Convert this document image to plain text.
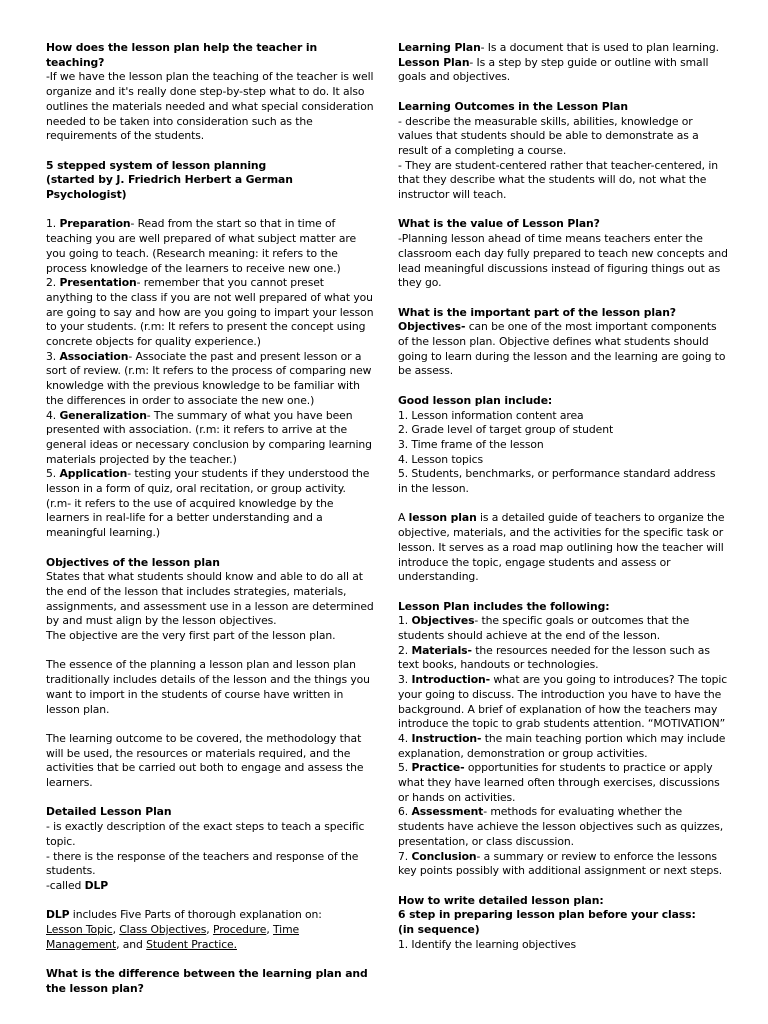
How does the lesson plan help the teacher in teaching?

-If we have the lesson plan the teaching of the teacher is well organize and it's really done step-by-step what to do. It also outlines the materials needed and what special consideration needed to be taken into consideration such as the requirements of the students.

5 stepped system of lesson planning

(started by J. Friedrich Herbert a German Psychologist)

1. Preparation- Read from the start so that in time of teaching you are well prepared of what subject matter are you going to teach. (Research meaning: it refers to the process knowledge of the learners to receive new one.)

2. Presentation- remember that you cannot preset anything to the class if you are not well prepared of what you are going to say and how are you going to impart your lesson to your students. (r.m: It refers to present the concept using concrete objects for quality experience.)

3. Association- Associate the past and present lesson or a sort of review. (r.m: It refers to the process of comparing new knowledge with the previous knowledge to be familiar with the differences in order to associate the new one.)

4. Generalization- The summary of what you have been presented with association. (r.m: it refers to arrive at the general ideas or necessary conclusion by comparing learning materials projected by the teacher.)

5. Application- testing your students if they understood the lesson in a form of quiz, oral recitation, or group activity. (r.m- it refers to the use of acquired knowledge by the learners in real-life for a better understanding and a meaningful learning.)

Objectives of the lesson plan

States that what students should know and able to do all at the end of the lesson that includes strategies, materials, assignments, and assessment use in a lesson are determined by and must align by the lesson objectives.

The objective are the very first part of the lesson plan.

The essence of the planning a lesson plan and lesson plan traditionally includes details of the lesson and the things you want to import in the students of course have written in lesson plan.

The learning outcome to be covered, the methodology that will be used, the resources or materials required, and the activities that be carried out both to engage and assess the learners.

Detailed Lesson Plan

- is exactly description of the exact steps to teach a specific topic.

- there is the response of the teachers and response of the students.

-called DLP

DLP includes Five Parts of thorough explanation on:

Lesson Topic, Class Objectives, Procedure, Time Management, and Student Practice.

What is the difference between the learning plan and the lesson plan?

Learning Plan- Is a document that is used to plan learning.

Lesson Plan- Is a step by step guide or outline with small goals and objectives.

Learning Outcomes in the Lesson Plan

- describe the measurable skills, abilities, knowledge or values that students should be able to demonstrate as a result of a completing a course.

- They are student-centered rather that teacher-centered, in that they describe what the students will do, not what the instructor will teach.

What is the value of Lesson Plan?

-Planning lesson ahead of time means teachers enter the classroom each day fully prepared to teach new concepts and lead meaningful discussions instead of figuring things out as they go.

What is the important part of the lesson plan?

Objectives- can be one of the most important components of the lesson plan. Objective defines what students should going to learn during the lesson and the learning are going to be assess.

Good lesson plan include:

1. Lesson information content area

2. Grade level of target group of student

3. Time frame of the lesson

4. Lesson topics

5. Students, benchmarks, or performance standard address in the lesson.

A lesson plan is a detailed guide of teachers to organize the objective, materials, and the activities for the specific task or lesson. It serves as a road map outlining how the teacher will introduce the topic, engage students and assess or understanding.

Lesson Plan includes the following:

1. Objectives- the specific goals or outcomes that the students should achieve at the end of the lesson.

2. Materials- the resources needed for the lesson such as text books, handouts or technologies.

3. Introduction- what are you going to introduces? The topic your going to discuss. The introduction you have to have the background. A brief of explanation of how the teachers may introduce the topic to grab students attention. “MOTIVATION”

4. Instruction- the main teaching portion which may include explanation, demonstration or group activities.

5. Practice- opportunities for students to practice or apply what they have learned often through exercises, discussions or hands on activities.

6. Assessment- methods for evaluating whether the students have achieve the lesson objectives such as quizzes, presentation, or class discussion.

7. Conclusion- a summary or review to enforce the lessons key points possibly with additional assignment or next steps.

How to write detailed lesson plan:

6 step in preparing lesson plan before your class:

(in sequence)

1. Identify the learning objectives
